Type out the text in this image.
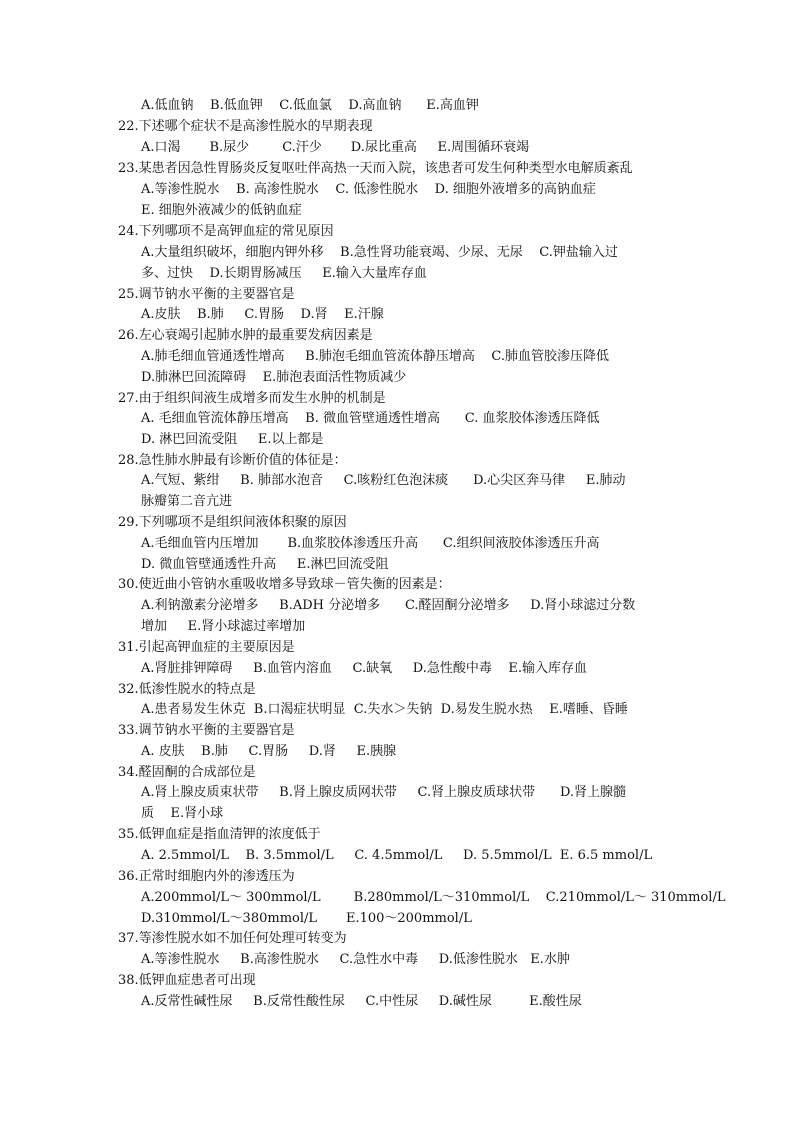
A.低血钠    B.低血钾    C.低血氯    D.高血钠      E.高血钾
22.下述哪个症状不是高渗性脱水的早期表现
A.口渴       B.尿少        C.汗少       D.尿比重高     E.周围循环衰竭
23.某患者因急性胃肠炎反复呕吐伴高热一天而入院，该患者可发生何种类型水电解质紊乱
A.等渗性脱水    B. 高渗性脱水    C. 低渗性脱水    D. 细胞外液增多的高钠血症
E. 细胞外液减少的低钠血症
24.下列哪项不是高钾血症的常见原因
A.大量组织破坏，细胞内钾外移    B.急性肾功能衰竭、少尿、无尿    C.钾盐输入过
多、过快    D.长期胃肠减压     E.输入大量库存血
25.调节钠水平衡的主要器官是
A.皮肤    B.肺     C.胃肠    D.肾    E.汗腺
26.左心衰竭引起肺水肿的最重要发病因素是
A.肺毛细血管通透性增高     B.肺泡毛细血管流体静压增高    C.肺血管胶渗压降低
D.肺淋巴回流障碍    E.肺泡表面活性物质减少
27.由于组织间液生成增多而发生水肿的机制是
A. 毛细血管流体静压增高    B. 微血管壁通透性增高      C. 血浆胶体渗透压降低
D. 淋巴回流受阻     E.以上都是
28.急性肺水肿最有诊断价值的体征是：
A.气短、紫绀     B. 肺部水泡音     C.咳粉红色泡沫痰      D.心尖区奔马律     E.肺动
脉瓣第二音亢进
29.下列哪项不是组织间液体积聚的原因
A.毛细血管内压增加       B.血浆胶体渗透压升高      C.组织间液胶体渗透压升高
D. 微血管壁通透性升高     E.淋巴回流受阻
30.使近曲小管钠水重吸收增多导致球－管失衡的因素是：
A.利钠激素分泌增多     B.ADH 分泌增多      C.醛固酮分泌增多     D.肾小球滤过分数
增加     E.肾小球滤过率增加
31.引起高钾血症的主要原因是
A.肾脏排钾障碍     B.血管内溶血     C.缺氧     D.急性酸中毒    E.输入库存血
32.低渗性脱水的特点是
A.患者易发生休克  B.口渴症状明显  C.失水＞失钠  D.易发生脱水热    E.嗜睡、昏睡
33.调节钠水平衡的主要器官是
A. 皮肤    B.肺     C.胃肠     D.肾     E.胰腺
34.醛固酮的合成部位是
A.肾上腺皮质束状带     B.肾上腺皮质网状带     C.肾上腺皮质球状带      D.肾上腺髓
质    E.肾小球
35.低钾血症是指血清钾的浓度低于
A. 2.5mmol/L    B. 3.5mmol/L     C. 4.5mmol/L     D. 5.5mmol/L  E. 6.5 mmol/L
36.正常时细胞内外的渗透压为
A.200mmol/L～ 300mmol/L        B.280mmol/L～310mmol/L    C.210mmol/L～ 310mmol/L
D.310mmol/L～380mmol/L       E.100～200mmol/L
37.等渗性脱水如不加任何处理可转变为
A.等渗性脱水     B.高渗性脱水     C.急性水中毒     D.低渗性脱水   E.水肿
38.低钾血症患者可出现
A.反常性碱性尿     B.反常性酸性尿     C.中性尿     D.碱性尿         E.酸性尿
